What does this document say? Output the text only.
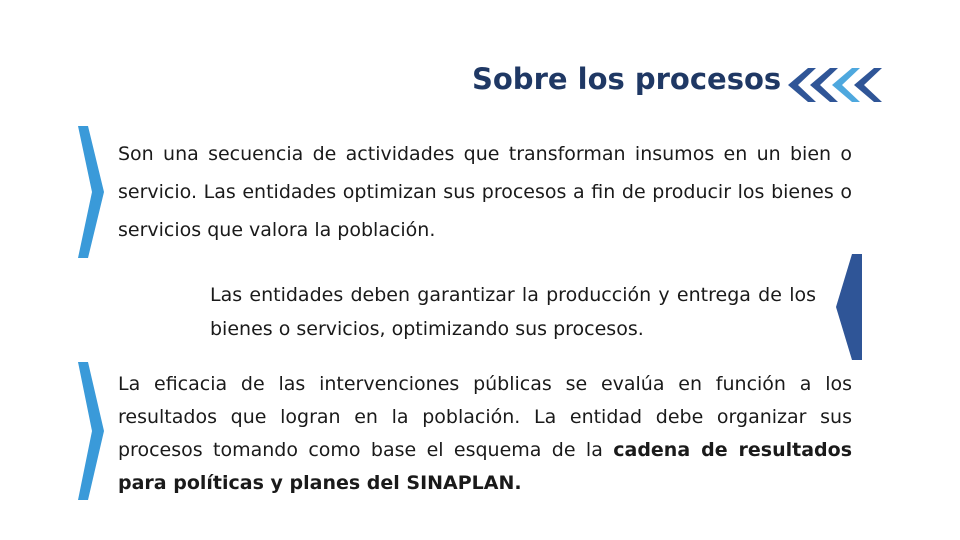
Sobre los procesos
Son una secuencia de actividades que transforman insumos en un bien o servicio. Las entidades optimizan sus procesos a fin de producir los bienes o servicios que valora la población.
Las entidades deben garantizar la producción y entrega de los bienes o servicios, optimizando sus procesos.
La eficacia de las intervenciones públicas se evalúa en función a los resultados que logran en la población. La entidad debe organizar sus procesos tomando como base el esquema de la cadena de resultados para políticas y planes del SINAPLAN.
